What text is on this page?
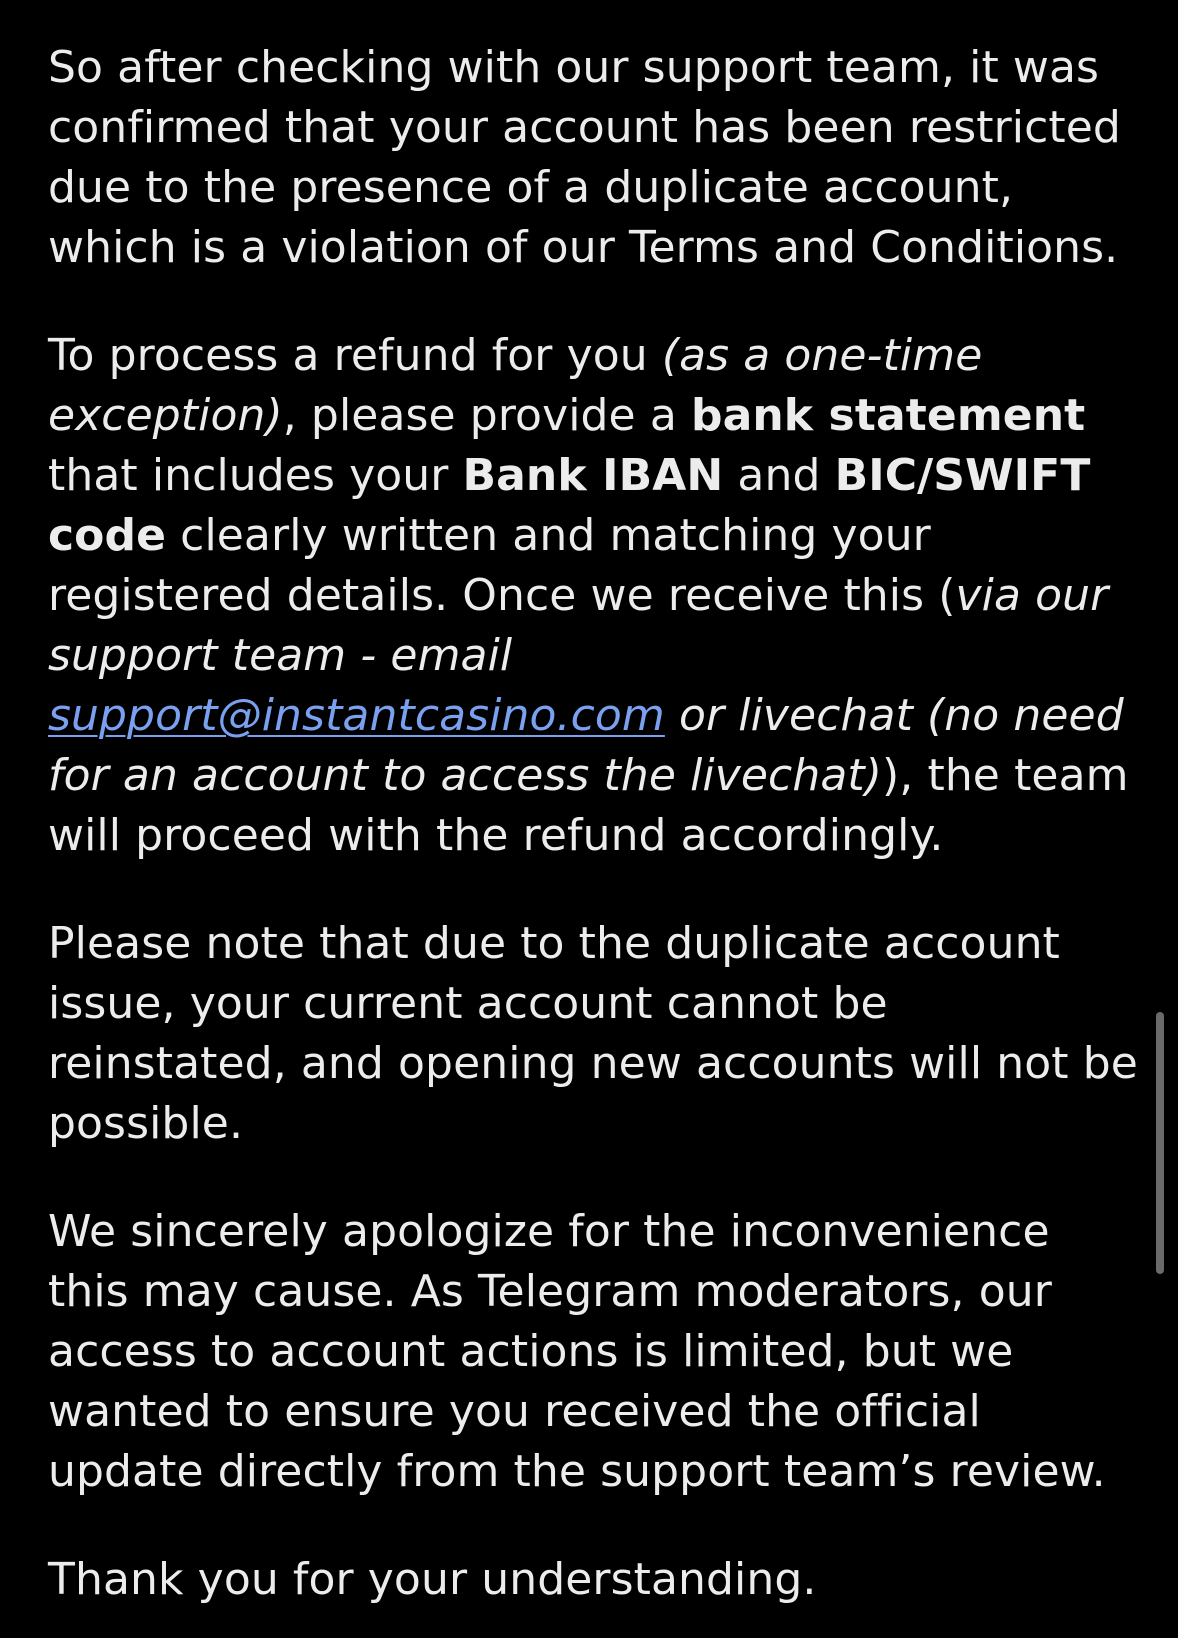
So after checking with our support team, it was
confirmed that your account has been restricted
due to the presence of a duplicate account,
which is a violation of our Terms and Conditions.

To process a refund for you (as a one-time
exception), please provide a bank statement
that includes your Bank IBAN and BIC/SWIFT
code clearly written and matching your
registered details. Once we receive this (via our
support team - email
support@instantcasino.com or livechat (no need
for an account to access the livechat)), the team
will proceed with the refund accordingly.

Please note that due to the duplicate account
issue, your current account cannot be
reinstated, and opening new accounts will not be
possible.

We sincerely apologize for the inconvenience
this may cause. As Telegram moderators, our
access to account actions is limited, but we
wanted to ensure you received the official
update directly from the support team’s review.

Thank you for your understanding.
